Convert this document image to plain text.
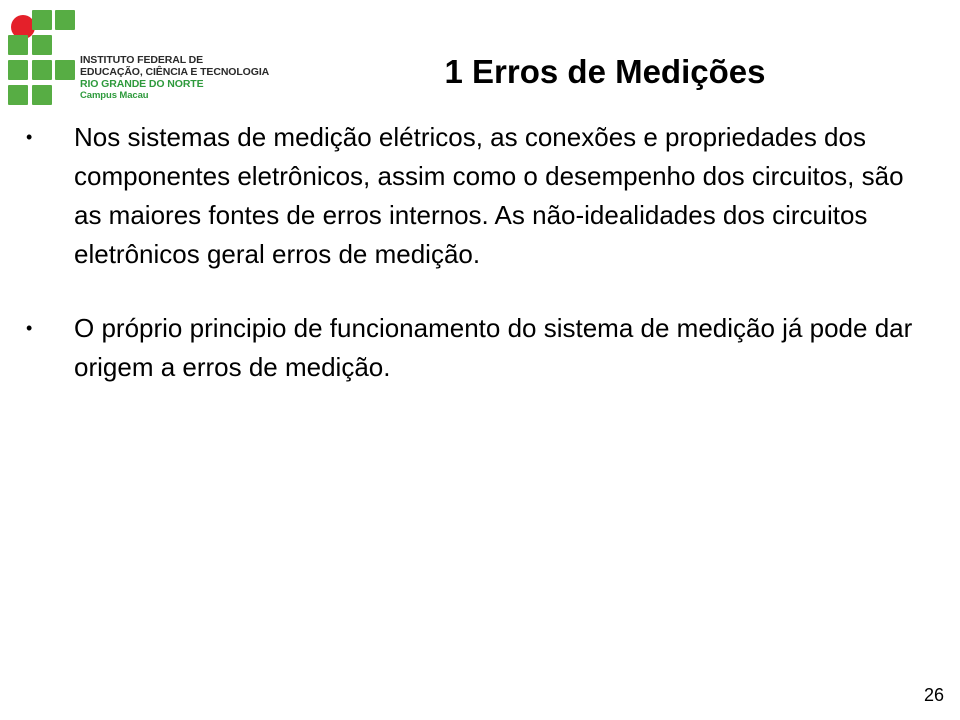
INSTITUTO FEDERAL DE
EDUCAÇÃO, CIÊNCIA E TECNOLOGIA
RIO GRANDE DO NORTE
Campus Macau
1 Erros de Medições
• Nos sistemas de medição elétricos, as conexões e propriedades dos componentes eletrônicos, assim como o desempenho dos circuitos, são as maiores fontes de erros internos. As não-idealidades dos circuitos eletrônicos geral erros de medição.
• O próprio principio de funcionamento do sistema de medição já pode dar origem a erros de medição.
26
